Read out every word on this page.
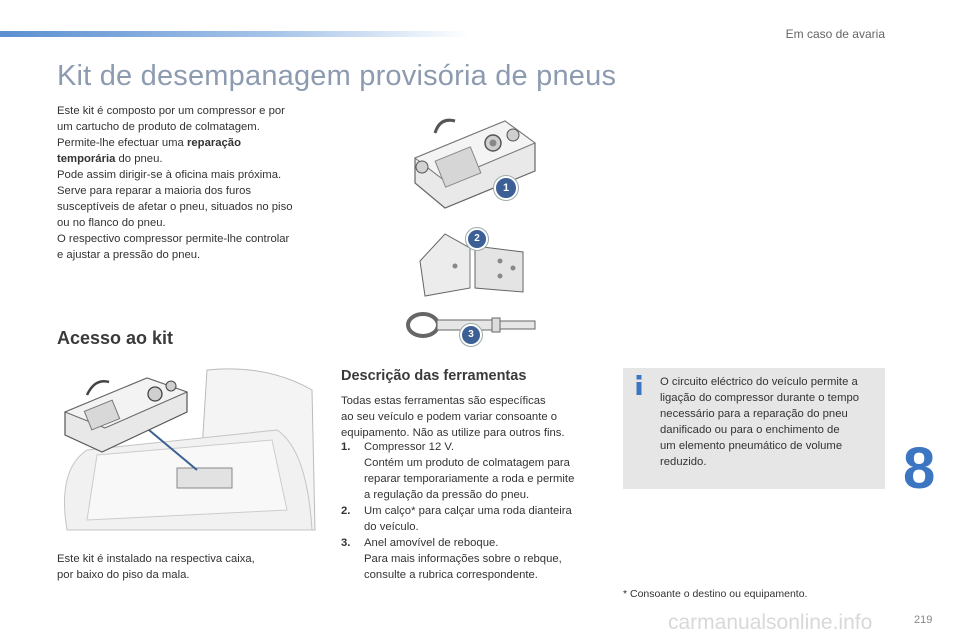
Em caso de avaria
Kit de desempanagem provisória de pneus

Este kit é composto por um compressor e por
um cartucho de produto de colmatagem.
Permite-lhe efectuar uma reparação
temporária do pneu.
Pode assim dirigir-se à oficina mais próxima.
Serve para reparar a maioria dos furos
susceptíveis de afetar o pneu, situados no piso
ou no flanco do pneu.
O respectivo compressor permite-lhe controlar
e ajustar a pressão do pneu.

1
2
3
Acesso ao kit

Este kit é instalado na respectiva caixa,
por baixo do piso da mala.

Descrição das ferramentas

Todas estas ferramentas são específicas
ao seu veículo e podem variar consoante o
equipamento. Não as utilize para outros fins.

1. Compressor 12 V.
Contém um produto de colmatagem para
reparar temporariamente a roda e permite
a regulação da pressão do pneu.
2. Um calço* para calçar uma roda dianteira
do veículo.
3. Anel amovível de reboque.
Para mais informações sobre o rebque,
consulte a rubrica correspondente.

O circuito eléctrico do veículo permite a
ligação do compressor durante o tempo
necessário para a reparação do pneu
danificado ou para o enchimento de
um elemento pneumático de volume
reduzido.

* Consoante o destino ou equipamento.

8
219
carmanualsonline.info
